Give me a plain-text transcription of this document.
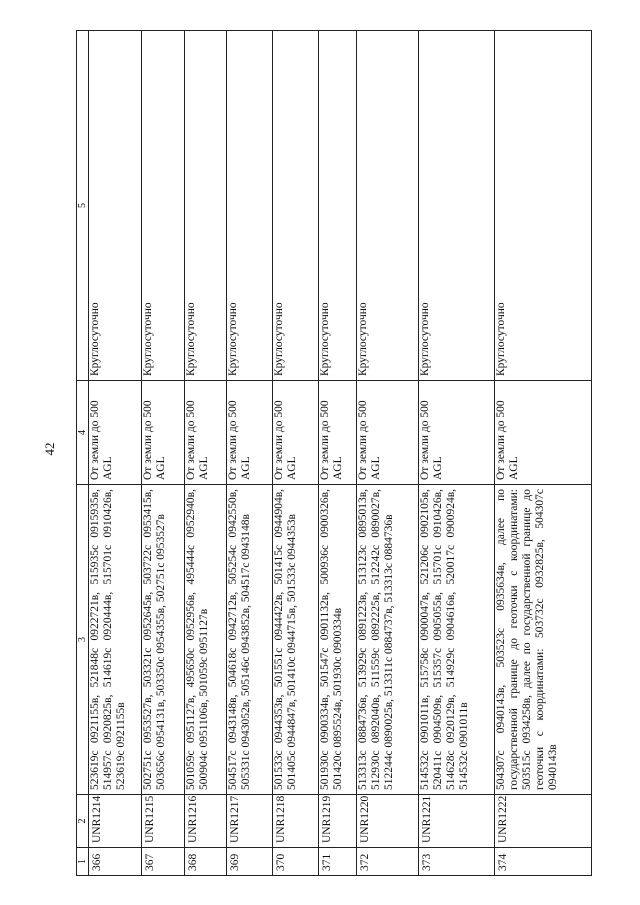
42
1	2	3	4	5
366	UNR1214	523619с 0921155в, 521848с 0922721в, 515935с 0915935в, 514957с 0920825в, 514619с 0920444в, 515701с 0910426в, 523619с 0921155в	От земли до 500 AGL	Круглосуточно
367	UNR1215	502751с 0953527в, 503321с 0952645в, 503722с 0953415в, 503656с 0954131в, 503350с 0954355в, 502751с 0953527в	От земли до 500 AGL	Круглосуточно
368	UNR1216	501059с 0951127в, 495650с 0952956в, 495444с 0952940в, 500904с 0951106в, 501059с 0951127в	От земли до 500 AGL	Круглосуточно
369	UNR1217	504517с 0943148в, 504618с 0942712в, 505254с 0942550в, 505331с 0943052в, 505146с 0943852в, 504517с 0943148в	От земли до 500 AGL	Круглосуточно
370	UNR1218	501533с 0944353в, 501551с 0944422в, 501415с 0944904в, 501405с 0944847в, 501410с 0944715в, 501533с 0944353в	От земли до 500 AGL	Круглосуточно
371	UNR1219	501930с 0900334в, 501547с 0901132в, 500936с 0900326в, 501420с 0895524в, 501930с 0900334в	От земли до 500 AGL	Круглосуточно
372	UNR1220	513313с 0884736в, 513929с 0891223в, 513123с 0895013в, 512930с 0892040в, 511559с 0892225в, 512242с 0890027в, 512244с 0890025в, 513311с 0884737в, 513313с 0884736в	От земли до 500 AGL	Круглосуточно
373	UNR1221	514532с 0901011в, 515758с 0900047в, 521206с 0902105в, 520411с 0904509в, 515357с 0905055в, 515701с 0910426в, 514628с 0920129в, 514929с 0904616в, 520017с 0900924в, 514532с 0901011в	От земли до 500 AGL	Круглосуточно
374	UNR1222	504307с 0940143в, 503523с 0935634в, далее по государственной границе до геоточки с координатами: 503515с 0934258в, далее по государственной границе до геоточки с координатами: 503732с 0932825в, 504307с 0940143в	От земли до 500 AGL	Круглосуточно
